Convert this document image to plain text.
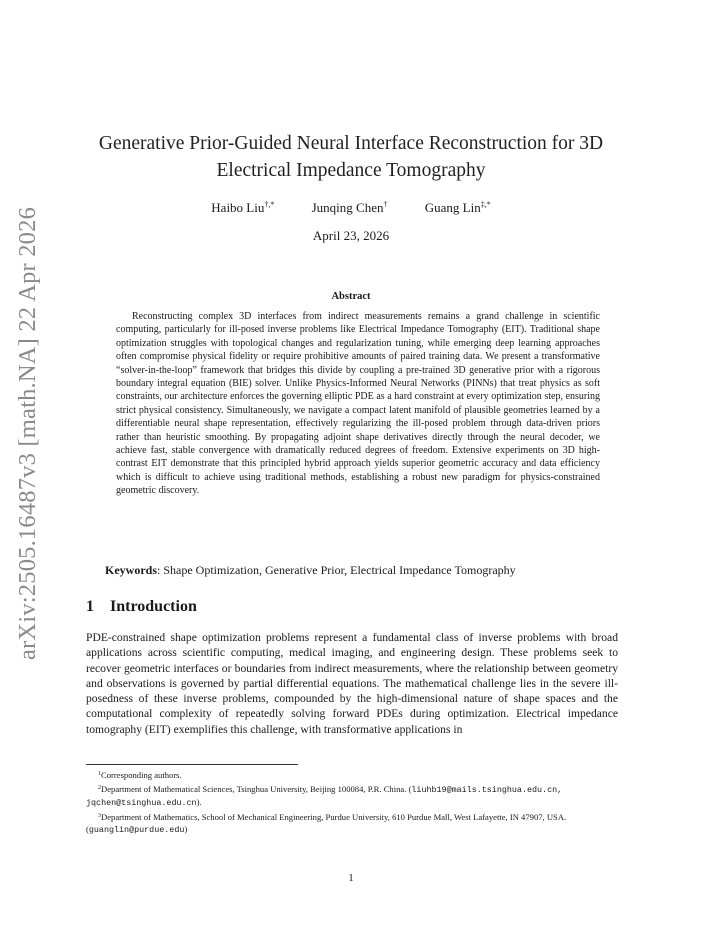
arXiv:2505.16487v3 [math.NA] 22 Apr 2026
Generative Prior-Guided Neural Interface Reconstruction for 3D Electrical Impedance Tomography
Haibo Liu†,*	Junqing Chen†	Guang Lin‡,*
April 23, 2026
Abstract
Reconstructing complex 3D interfaces from indirect measurements remains a grand challenge in scientific computing, particularly for ill-posed inverse problems like Electrical Impedance Tomography (EIT). Traditional shape optimization struggles with topological changes and regularization tuning, while emerging deep learning approaches often compromise physical fidelity or require prohibitive amounts of paired training data. We present a transformative “solver-in-the-loop” framework that bridges this divide by coupling a pre-trained 3D generative prior with a rigorous boundary integral equation (BIE) solver. Unlike Physics-Informed Neural Networks (PINNs) that treat physics as soft constraints, our architecture enforces the governing elliptic PDE as a hard constraint at every optimization step, ensuring strict physical consistency. Simultaneously, we navigate a compact latent manifold of plausible geometries learned by a differentiable neural shape representation, effectively regularizing the ill-posed problem through data-driven priors rather than heuristic smoothing. By propagating adjoint shape derivatives directly through the neural decoder, we achieve fast, stable convergence with dramatically reduced degrees of freedom. Extensive experiments on 3D high-contrast EIT demonstrate that this principled hybrid approach yields superior geometric accuracy and data efficiency which is difficult to achieve using traditional methods, establishing a robust new paradigm for physics-constrained geometric discovery.
Keywords: Shape Optimization, Generative Prior, Electrical Impedance Tomography
1 Introduction
PDE-constrained shape optimization problems represent a fundamental class of inverse problems with broad applications across scientific computing, medical imaging, and engineering design. These problems seek to recover geometric interfaces or boundaries from indirect measurements, where the relationship between geometry and observations is governed by partial differential equations. The mathematical challenge lies in the severe ill-posedness of these inverse problems, compounded by the high-dimensional nature of shape spaces and the computational complexity of repeatedly solving forward PDEs during optimization. Electrical impedance tomography (EIT) exemplifies this challenge, with transformative applications in

$^1$Corresponding authors.

$^2$Department of Mathematical Sciences, Tsinghua University, Beijing 100084, P.R. China. (liuhb19@mails.tsinghua.edu.cn, jqchen@tsinghua.edu.cn).

$^3$Department of Mathematics, School of Mechanical Engineering, Purdue University, 610 Purdue Mall, West Lafayette, IN 47907, USA. (guanglin@purdue.edu)

1
